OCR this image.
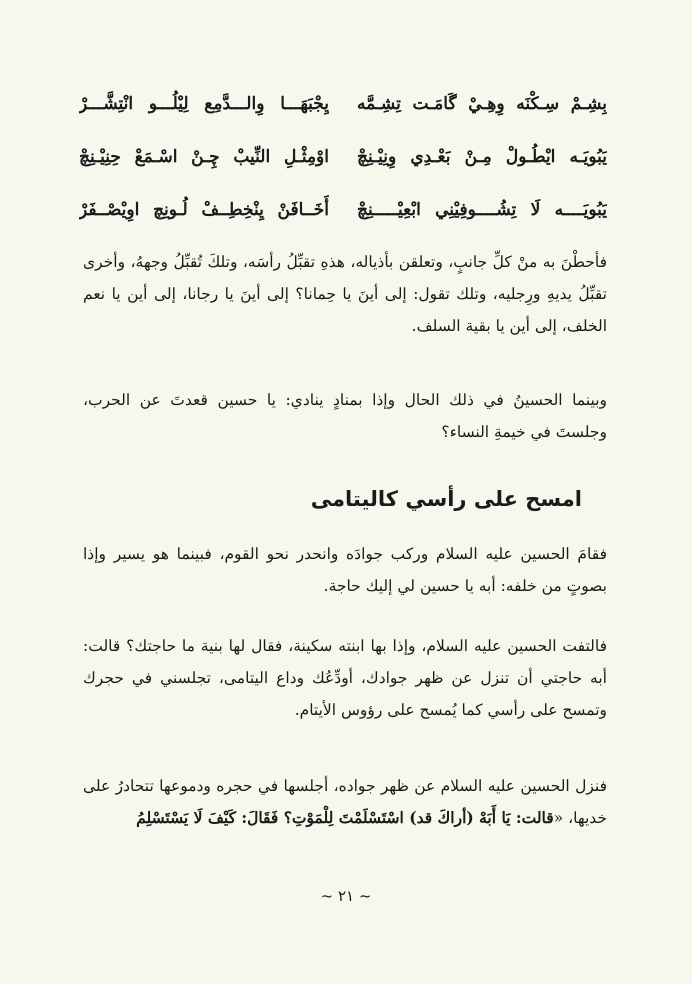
بِشِـمْ سِـكْنَه وِهِـيْ گَامَـت تِشِـمَّه
يِجْبَهَـــا وِالـــدَّمِع لِيْلُـــو انْتِشَّـــرْ
يَبُويَـه ايْطُـولْ مِـنْ بَعْـدِي وِنِيْـنِچْ
اوْمِثْـلِ النِّيبْ چِـنْ اسْـمَعْ حِنِيْـنِچْ
يَبُويَــــه لَا تِشُــــوفِيْنِي ابْعِيْـــــنِچْ
أَخَــافَنْ يِنْخِطِــفْ لُـونِچ اوِيْصْــفَرْ

فأحطْنَ به منْ كلِّ جانبٍ، وتعلقن بأذياله، هذهِ تقبِّلُ رأسَه، وتلكَ تُقبِّلُ وجههُ، وأخرى تقبِّلُ يديهِ ورِجليه، وتلك تقول: إلى أينَ يا حِمانا؟ إلى أينَ يا رجانا، إلى أين يا نعم الخلف، إلى أين يا بقية السلف.

وبينما الحسينُ في ذلك الحال وإذا بمنادٍ ينادي: يا حسين قعدتَ عن الحرب، وجلستَ في خيمةِ النساء؟

امسح على رأسي كاليتامى

فقامَ الحسين عليه السلام وركب جوادَه وانحدر نحو القوم، فبينما هو يسير وإذا بصوتٍ من خلفه: أبه يا حسين لي إليك حاجة.

فالتفت الحسين عليه السلام، وإذا بها ابنته سكينة، فقال لها بنية ما حاجتك؟ قالت: أبه حاجتي أن تنزل عن ظهر جوادك، أودِّعُك وداع اليتامى، تجلسني في حجرك وتمسح على رأسي كما يُمسح على رؤوس الأيتام.

فنزل الحسين عليه السلام عن ظهر جواده، أجلسها في حجره ودموعها تتحادرُ على خديها، «قالت: يَا أَبَهْ (أراكَ قد) اسْتَسْلَمْتَ لِلْمَوْتِ؟ فَقَالَ: كَيْفَ لَا يَسْتَسْلِمُ

~ ٢١ ~
